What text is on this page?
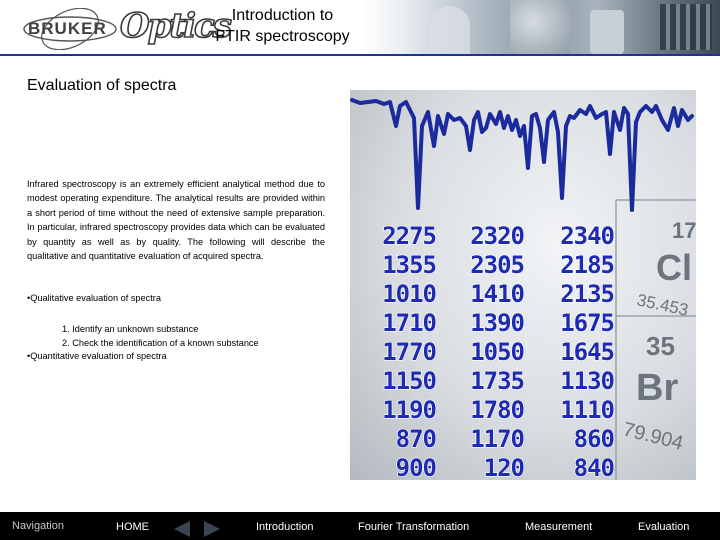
BRUKER Optics Introduction to
FTIR spectroscopy
Evaluation of spectra

Infrared spectroscopy is an extremely efficient analytical method due to modest operating expenditure. The analytical results are provided within a short period of time without the need of extensive sample preparation. In particular, infrared spectroscopy provides data which can be evaluated by quantity as well as by quality. The following will describe the qualitative and quantitative evaluation of acquired spectra.

•Qualitative evaluation of spectra
1. Identify an unknown substance
2. Check the identification of a known substance
•Quantitative evaluation of spectra
17
Cl
35.453
35
Br
79.904
2275 2320 2340
1355 2305 2185
1010 1410 2135
1710 1390 1675
1770 1050 1645
1150 1735 1130
1190 1780 1110
870 1170 860
900 120 840
Navigation	HOME	Introduction	Fourier Transformation	Measurement	Evaluation
